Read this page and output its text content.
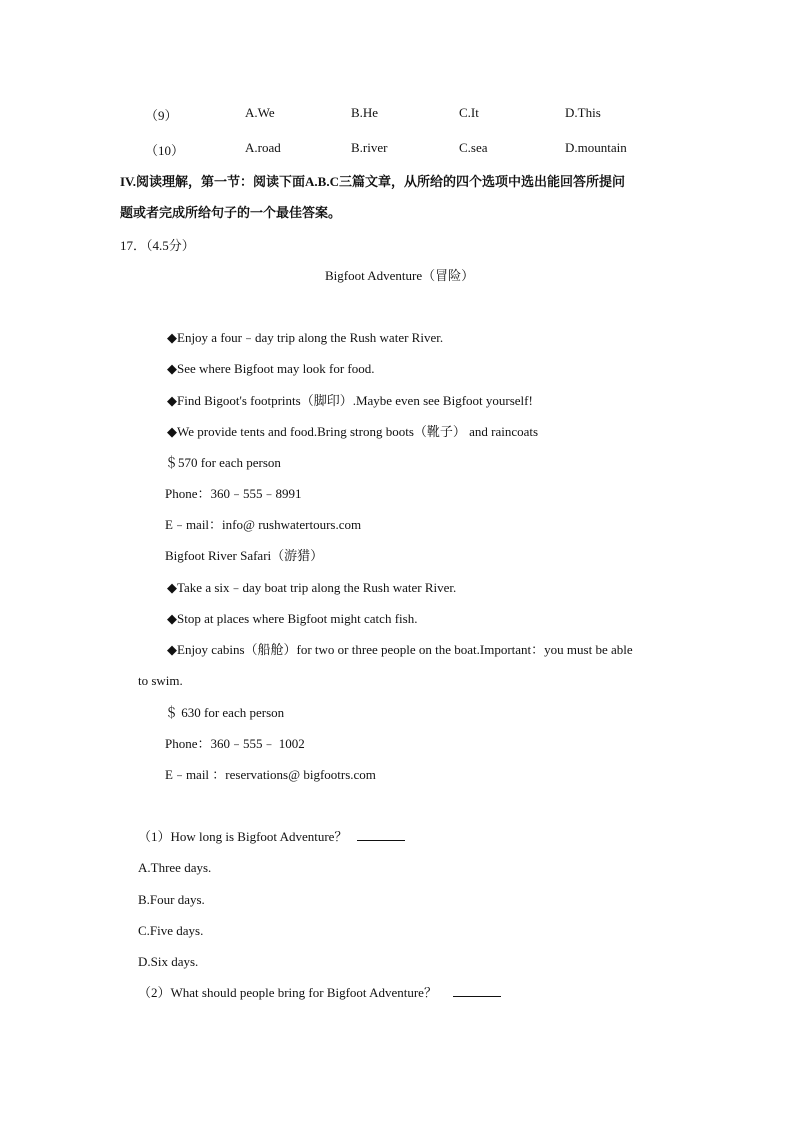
（9）	A.We	B.He	C.It	D.This
（10）	A.road	B.river	C.sea	D.mountain
IV.阅读理解，第一节：阅读下面A.B.C三篇文章，从所给的四个选项中选出能回答所提问
题或者完成所给句子的一个最佳答案。
17．（4.5分）
Bigfoot Adventure（冒险）
◆Enjoy a four﹣day trip along the Rush water River.
◆See where Bigfoot may look for food.
◆Find Bigoot's footprints（脚印）.Maybe even see Bigfoot yourself!
◆We provide tents and food.Bring strong boots（靴子） and raincoats
＄570 for each person
Phone：360﹣555﹣8991
E﹣mail：info@ rushwatertours.com
Bigfoot River Safari（游猎）
◆Take a six﹣day boat trip along the Rush water River.
◆Stop at places where Bigfoot might catch fish.
◆Enjoy cabins（船舱）for two or three people on the boat.Important：you must be able
to swim.
＄ 630 for each person
Phone：360﹣555﹣ 1002
E﹣mail ：reservations@ bigfootrs.com
（1）How long is Bigfoot Adventure？
A.Three days.
B.Four days.
C.Five days.
D.Six days.
（2）What should people bring for Bigfoot Adventure？
